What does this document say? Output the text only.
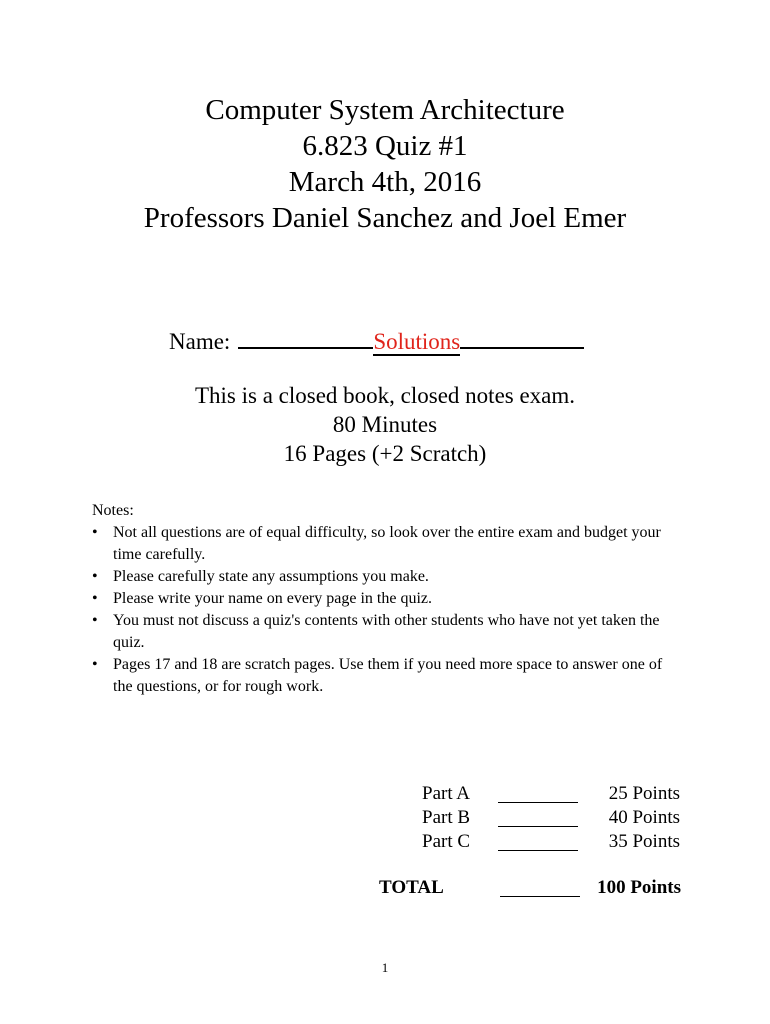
Computer System Architecture
6.823 Quiz #1
March 4th, 2016
Professors Daniel Sanchez and Joel Emer
Name:	Solutions
This is a closed book, closed notes exam.
80 Minutes
16 Pages (+2 Scratch)
Notes:
• Not all questions are of equal difficulty, so look over the entire exam and budget your time carefully.
• Please carefully state any assumptions you make.
• Please write your name on every page in the quiz.
• You must not discuss a quiz's contents with other students who have not yet taken the quiz.
• Pages 17 and 18 are scratch pages. Use them if you need more space to answer one of the questions, or for rough work.
Part A	25 Points
Part B	40 Points
Part C	35 Points
TOTAL	100 Points
1
